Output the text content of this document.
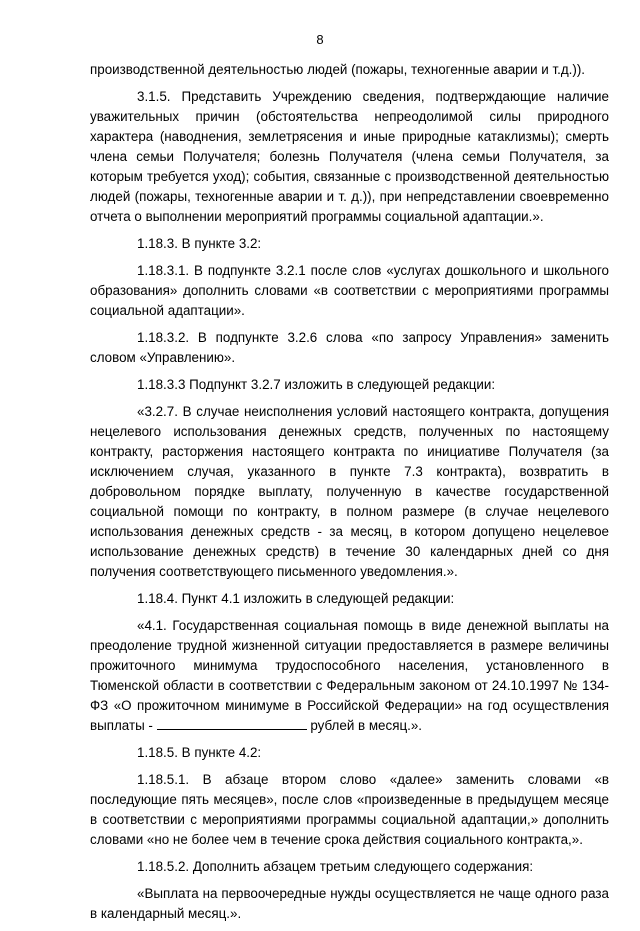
8

производственной деятельностью людей (пожары, техногенные аварии и т.д.)).

3.1.5. Представить Учреждению сведения, подтверждающие наличие уважительных причин (обстоятельства непреодолимой силы природного характера (наводнения, землетрясения и иные природные катаклизмы); смерть члена семьи Получателя; болезнь Получателя (члена семьи Получателя, за которым требуется уход); события, связанные с производственной деятельностью людей (пожары, техногенные аварии и т. д.)), при непредставлении своевременно отчета о выполнении мероприятий программы социальной адаптации.».

1.18.3. В пункте 3.2:

1.18.3.1. В подпункте 3.2.1 после слов «услугах дошкольного и школьного образования» дополнить словами «в соответствии с мероприятиями программы социальной адаптации».

1.18.3.2. В подпункте 3.2.6 слова «по запросу Управления» заменить словом «Управлению».

1.18.3.3 Подпункт 3.2.7 изложить в следующей редакции:

«3.2.7. В случае неисполнения условий настоящего контракта, допущения нецелевого использования денежных средств, полученных по настоящему контракту, расторжения настоящего контракта по инициативе Получателя (за исключением случая, указанного в пункте 7.3 контракта), возвратить в добровольном порядке выплату, полученную в качестве государственной социальной помощи по контракту, в полном размере (в случае нецелевого использования денежных средств - за месяц, в котором допущено нецелевое использование денежных средств) в течение 30 календарных дней со дня получения соответствующего письменного уведомления.».

1.18.4. Пункт 4.1 изложить в следующей редакции:

«4.1. Государственная социальная помощь в виде денежной выплаты на преодоление трудной жизненной ситуации предоставляется в размере величины прожиточного минимума трудоспособного населения, установленного в Тюменской области в соответствии с Федеральным законом от 24.10.1997 № 134-ФЗ «О прожиточном минимуме в Российской Федерации» на год осуществления выплаты -	рублей в месяц.».

1.18.5. В пункте 4.2:

1.18.5.1. В абзаце втором слово «далее» заменить словами «в последующие пять месяцев», после слов «произведенные в предыдущем месяце в соответствии с мероприятиями программы социальной адаптации,» дополнить словами «но не более чем в течение срока действия социального контракта,».

1.18.5.2. Дополнить абзацем третьим следующего содержания:

«Выплата на первоочередные нужды осуществляется не чаще одного раза в календарный месяц.».
